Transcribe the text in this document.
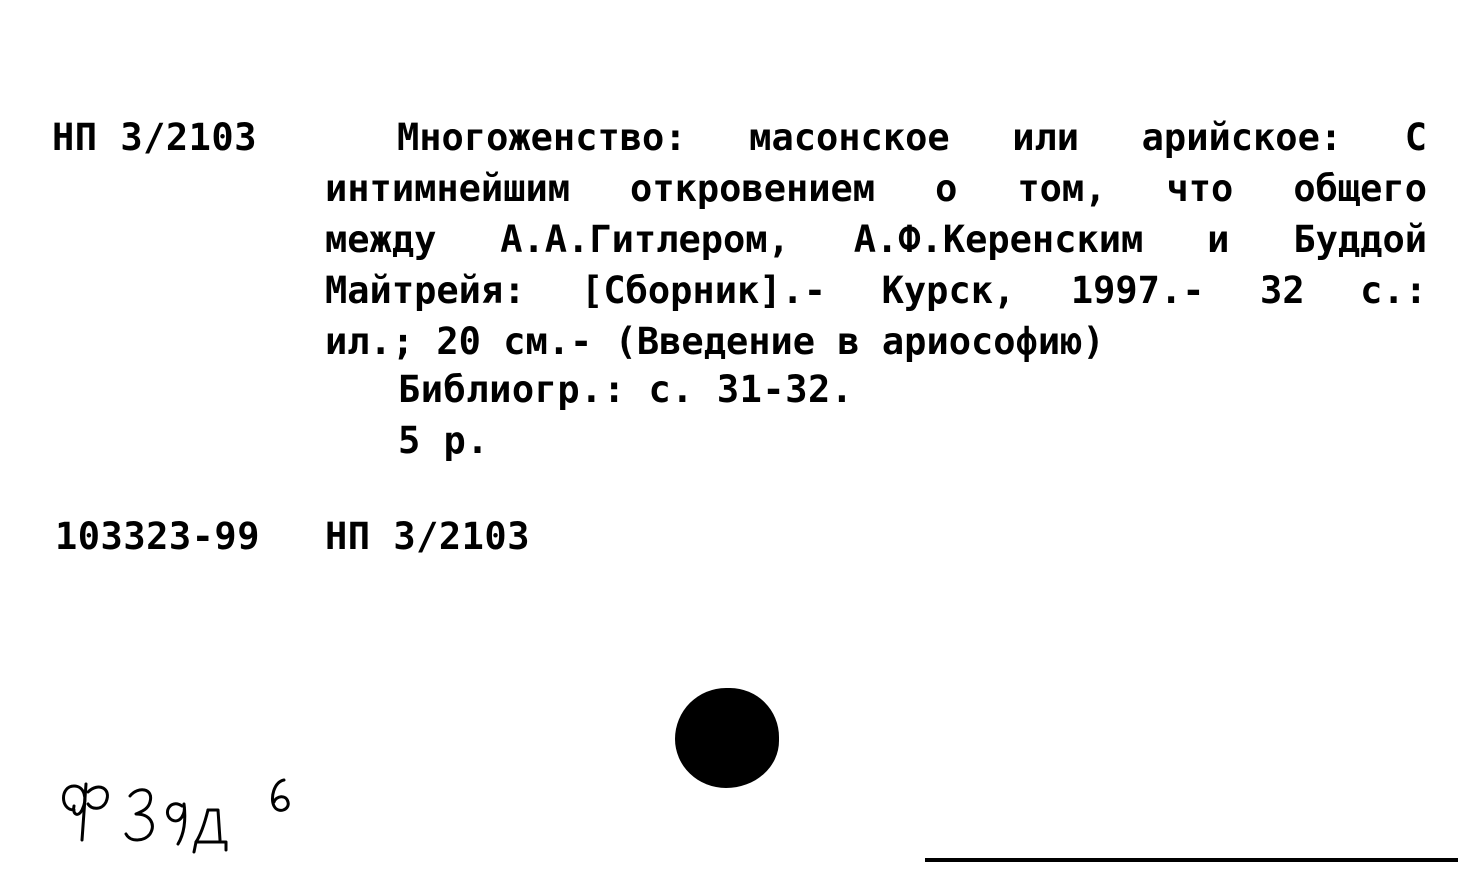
НП 3/2103	Многоженство: масонское или арийское: С
интимнейшим откровением о том, что общего
между А.А.Гитлером, А.Ф.Керенским и Буддой
Майтрейя: [Сборник].- Курск, 1997.- 32 с.:
ил.; 20 см.- (Введение в ариософию)
Библиогр.: с. 31-32.
5 р.
103323-99 НП 3/2103
